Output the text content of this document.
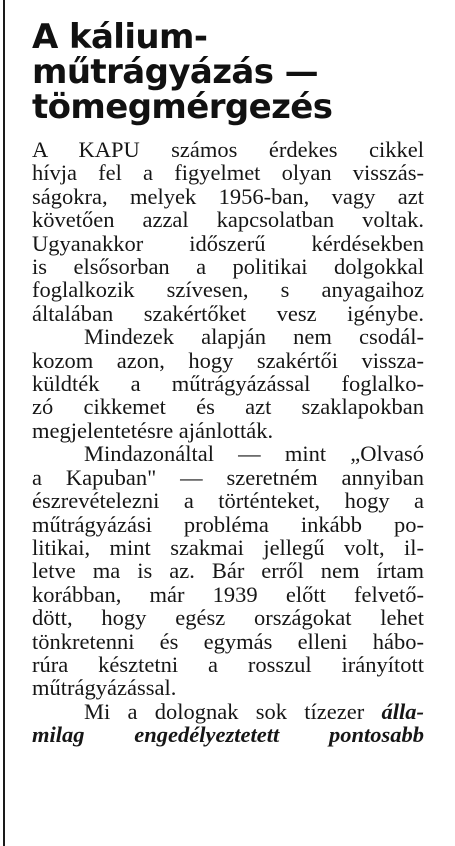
A kálium-
műtrágyázás —
tömegmérgezés
A KAPU számos érdekes cikkel
hívja fel a figyelmet olyan visszás-
ságokra, melyek 1956-ban, vagy azt
követően azzal kapcsolatban voltak.
Ugyanakkor időszerű kérdésekben
is elsősorban a politikai dolgokkal
foglalkozik szívesen, s anyagaihoz
általában szakértőket vesz igénybe.
Mindezek alapján nem csodál-
kozom azon, hogy szakértői vissza-
küldték a műtrágyázással foglalko-
zó cikkemet és azt szaklapokban
megjelentetésre ajánlották.
Mindazonáltal — mint „Olvasó
a Kapuban" — szeretném annyiban
észrevételezni a történteket, hogy a
műtrágyázási probléma inkább po-
litikai, mint szakmai jellegű volt, il-
letve ma is az. Bár erről nem írtam
korábban, már 1939 előtt felvető-
dött, hogy egész országokat lehet
tönkretenni és egymás elleni hábo-
rúra késztetni a rosszul irányított
műtrágyázással.
Mi a dolognak sok tízezer álla-
milag engedélyeztetett pontosabb
